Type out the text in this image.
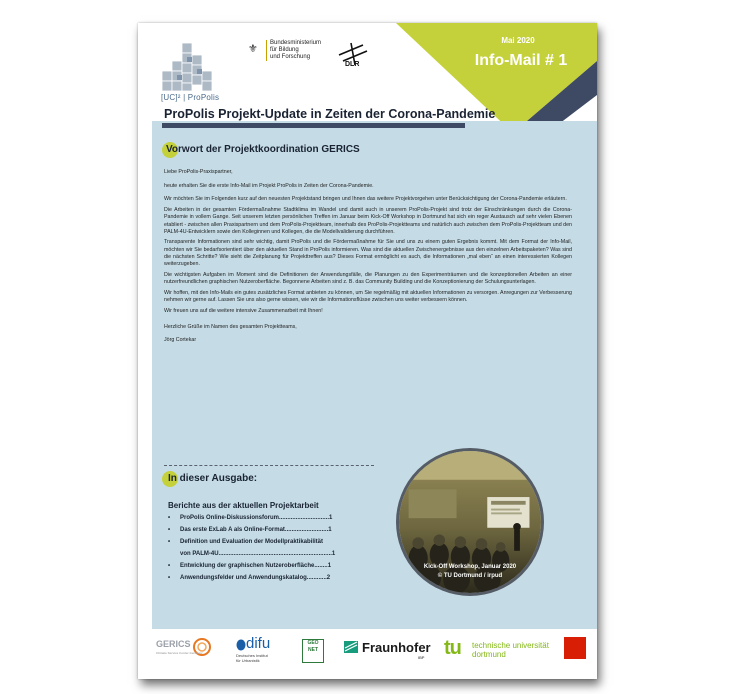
[UC]² | ProPolis
⚜ Bundesministerium
für Bildung
und Forschung
DLR
Mai 2020
Info-Mail # 1
ProPolis Projekt-Update in Zeiten der Corona-Pandemie
Vorwort der Projektkoordination GERICS

Liebe ProPolis-Praxispartner,

heute erhalten Sie die erste Info-Mail im Projekt ProPolis in Zeiten der Corona-Pandemie.

Wir möchten Sie im Folgenden kurz auf den neuesten Projektstand bringen und Ihnen das weitere Projektvorgehen unter Berücksichtigung der Corona-Pandemie erläutern.

Die Arbeiten in der gesamten Fördermaßnahme Stadtklima im Wandel und damit auch in unserem ProPolis-Projekt sind trotz der Einschränkungen durch die Corona-Pandemie in vollem Gange. Seit unserem letzten persönlichen Treffen im Januar beim Kick-Off Workshop in Dortmund hat sich ein reger Austausch auf sehr vielen Ebenen etabliert - zwischen allen Praxispartnern und dem ProPolis-Projektteam, innerhalb des ProPolis-Projektteams und natürlich auch zwischen dem ProPolis-Projektteam und den PALM-4U-Entwicklern sowie den Kolleginnen und Kollegen, die die Modellvalidierung durchführen.

Transparente Informationen sind sehr wichtig, damit ProPolis und die Fördermaßnahme für Sie und uns zu einem guten Ergebnis kommt. Mit dem Format der Info-Mail, möchten wir Sie bedarfsorientiert über den aktuellen Stand in ProPolis informieren. Was sind die aktuellen Zwischenergebnisse aus den einzelnen Arbeitspaketen? Was sind die nächsten Schritte? Wie sieht die Zeitplanung für Projekttreffen aus? Dieses Format ermöglicht es auch, die Informationen „mal eben“ an einen interessierten Kollegen weiterzugeben.

Die wichtigsten Aufgaben im Moment sind die Definitionen der Anwendungsfälle, die Planungen zu den Experimenträumen und die konzeptionellen Arbeiten an einer nutzerfreundlichen graphischen Nutzeroberfläche. Begonnene Arbeiten sind z. B. das Community Building und die Konzeptionierung der Schulungsunterlagen.

Wir hoffen, mit den Info-Mails ein gutes zusätzliches Format anbieten zu können, um Sie regelmäßig mit aktuellen Informationen zu versorgen. Anregungen zur Verbesserung nehmen wir gerne auf. Lassen Sie uns also gerne wissen, wie wir die Informationsflüsse zwischen uns weiter verbessern können.

Wir freuen uns auf die weitere intensive Zusammenarbeit mit Ihnen!

Herzliche Grüße im Namen des gesamten Projektteams,

Jörg Cortekar

In dieser Ausgabe:
Berichte aus der aktuellen Projektarbeit
• ProPolis Online-Diskussionsforum..............................1
• Das erste ExLab A als Online-Format..........................1
• Definition und Evaluation der Modellpraktikabilität
von PALM-4U....................................................................1
• Entwicklung der graphischen Nutzeroberfläche........1
• Anwendungsfelder und Anwendungskatalog............2
Kick-Off Workshop, Januar 2020
© TU Dortmund / irpud
GERICS
Climate Service Center Germany
difu
Deutsches Institut
für Urbanistik
GEO
NET	Fraunhofer
IBP tu technische universität
dortmund
